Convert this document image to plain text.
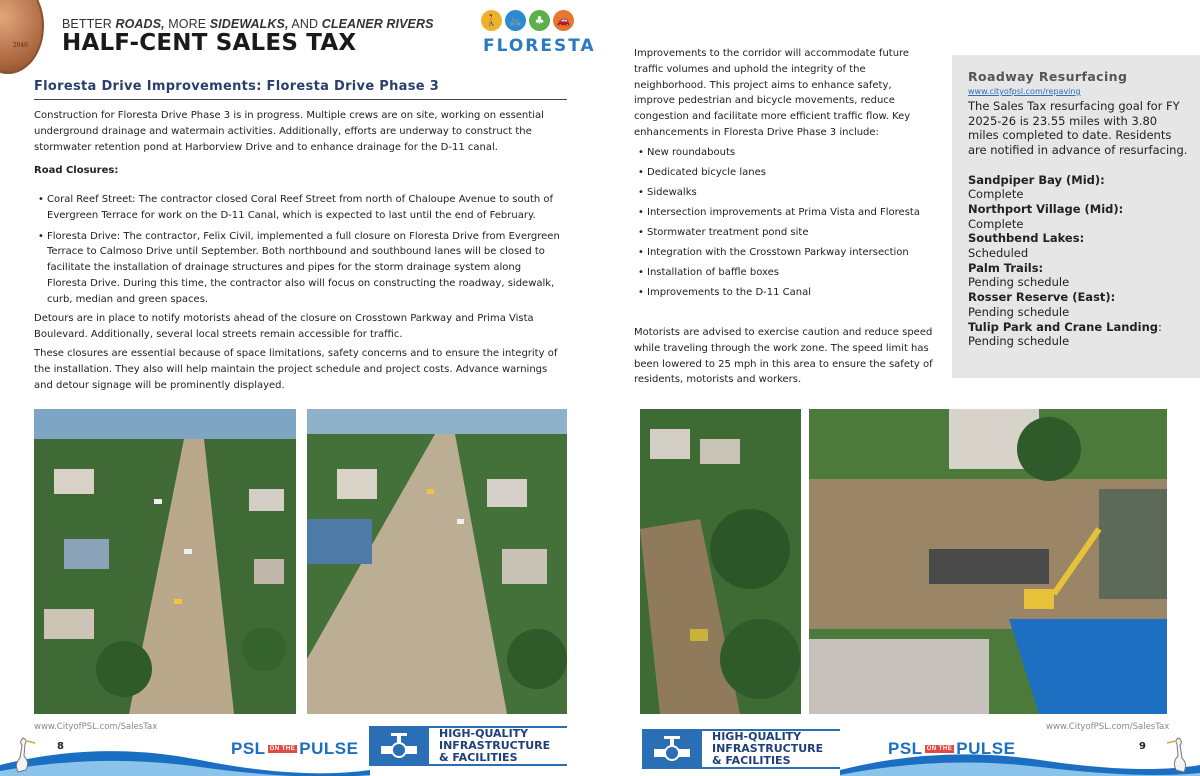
2046
BETTER ROADS, MORE SIDEWALKS, AND CLEANER RIVERS
HALF-CENT SALES TAX
🚶 🚲	♣	🚗
FLORESTA
Floresta Drive Improvements: Floresta Drive Phase 3
Construction for Floresta Drive Phase 3 is in progress. Multiple crews are on site, working on essential underground drainage and watermain activities. Additionally, efforts are underway to construct the stormwater retention pond at Harborview Drive and to enhance drainage for the D-11 canal.
Road Closures:
• Coral Reef Street: The contractor closed Coral Reef Street from north of Chaloupe Avenue to south of Evergreen Terrace for work on the D-11 Canal, which is expected to last until the end of February.
• Floresta Drive: The contractor, Felix Civil, implemented a full closure on Floresta Drive from Evergreen Terrace to Calmoso Drive until September. Both northbound and southbound lanes will be closed to facilitate the installation of drainage structures and pipes for the storm drainage system along Floresta Drive. During this time, the contractor also will focus on constructing the roadway, sidewalk, curb, median and green spaces.
Detours are in place to notify motorists ahead of the closure on Crosstown Parkway and Prima Vista Boulevard. Additionally, several local streets remain accessible for traffic.
These closures are essential because of space limitations, safety concerns and to ensure the integrity of the installation. They also will help maintain the project schedule and project costs. Advance warnings and detour signage will be prominently displayed.
Improvements to the corridor will accommodate future traffic volumes and uphold the integrity of the neighborhood. This project aims to enhance safety, improve pedestrian and bicycle movements, reduce congestion and facilitate more efficient traffic flow. Key enhancements in Floresta Drive Phase 3 include:
• New roundabouts
• Dedicated bicycle lanes
• Sidewalks
• Intersection improvements at Prima Vista and Floresta
• Stormwater treatment pond site
• Integration with the Crosstown Parkway intersection
• Installation of baffle boxes
• Improvements to the D-11 Canal
Motorists are advised to exercise caution and reduce speed while traveling through the work zone. The speed limit has been lowered to 25 mph in this area to ensure the safety of residents, motorists and workers.
Roadway Resurfacing
www.cityofpsl.com/repaving
The Sales Tax resurfacing goal for FY 2025-26 is 23.55 miles with 3.80 miles completed to date. Residents are notified in advance of resurfacing.
Sandpiper Bay (Mid):
Complete
Northport Village (Mid):
Complete
Southbend Lakes:
Scheduled
Palm Trails:
Pending schedule
Rosser Reserve (East):
Pending schedule
Tulip Park and Crane Landing:
Pending schedule
www.CityofPSL.com/SalesTax	www.CityofPSL.com/SalesTax
8	9
PSL ON THE PULSE	PSL ON THE PULSE
HIGH-QUALITY
INFRASTRUCTURE
& FACILITIES
HIGH-QUALITY
INFRASTRUCTURE
& FACILITIES
